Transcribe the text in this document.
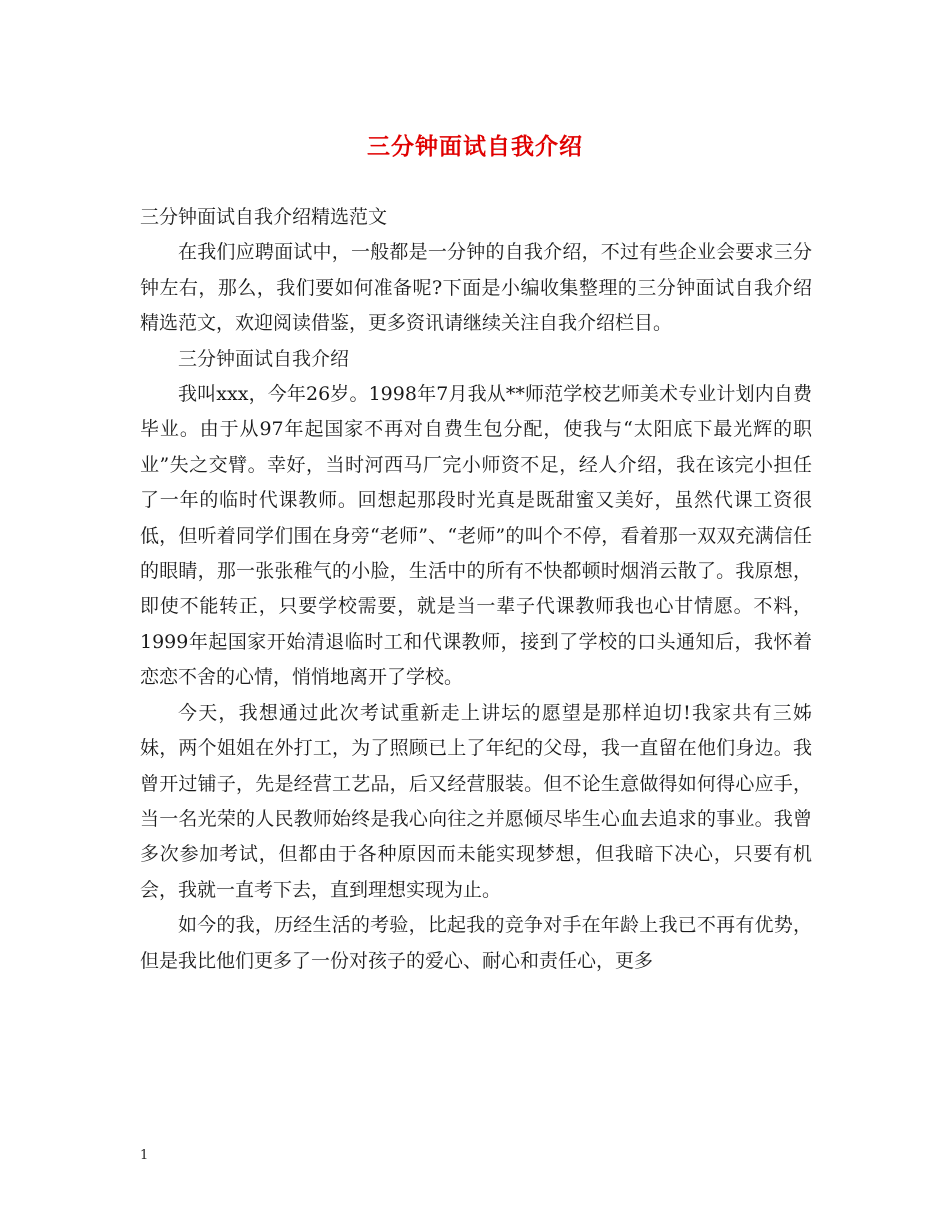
三分钟面试自我介绍

三分钟面试自我介绍精选范文

在我们应聘面试中，一般都是一分钟的自我介绍，不过有些企业会要求三分钟左右，那么，我们要如何准备呢?下面是小编收集整理的三分钟面试自我介绍精选范文，欢迎阅读借鉴，更多资讯请继续关注自我介绍栏目。

三分钟面试自我介绍

我叫xxx，今年26岁。1998年7月我从**师范学校艺师美术专业计划内自费毕业。由于从97年起国家不再对自费生包分配，使我与“太阳底下最光辉的职业”失之交臂。幸好，当时河西马厂完小师资不足，经人介绍，我在该完小担任了一年的临时代课教师。回想起那段时光真是既甜蜜又美好，虽然代课工资很低，但听着同学们围在身旁“老师”、“老师”的叫个不停，看着那一双双充满信任的眼睛，那一张张稚气的小脸，生活中的所有不快都顿时烟消云散了。我原想，即使不能转正，只要学校需要，就是当一辈子代课教师我也心甘情愿。不料，1999年起国家开始清退临时工和代课教师，接到了学校的口头通知后，我怀着恋恋不舍的心情，悄悄地离开了学校。

今天，我想通过此次考试重新走上讲坛的愿望是那样迫切!我家共有三姊妹，两个姐姐在外打工，为了照顾已上了年纪的父母，我一直留在他们身边。我曾开过铺子，先是经营工艺品，后又经营服装。但不论生意做得如何得心应手，当一名光荣的人民教师始终是我心向往之并愿倾尽毕生心血去追求的事业。我曾多次参加考试，但都由于各种原因而未能实现梦想，但我暗下决心，只要有机会，我就一直考下去，直到理想实现为止。

如今的我，历经生活的考验，比起我的竞争对手在年龄上我已不再有优势，但是我比他们更多了一份对孩子的爱心、耐心和责任心，更多

1
